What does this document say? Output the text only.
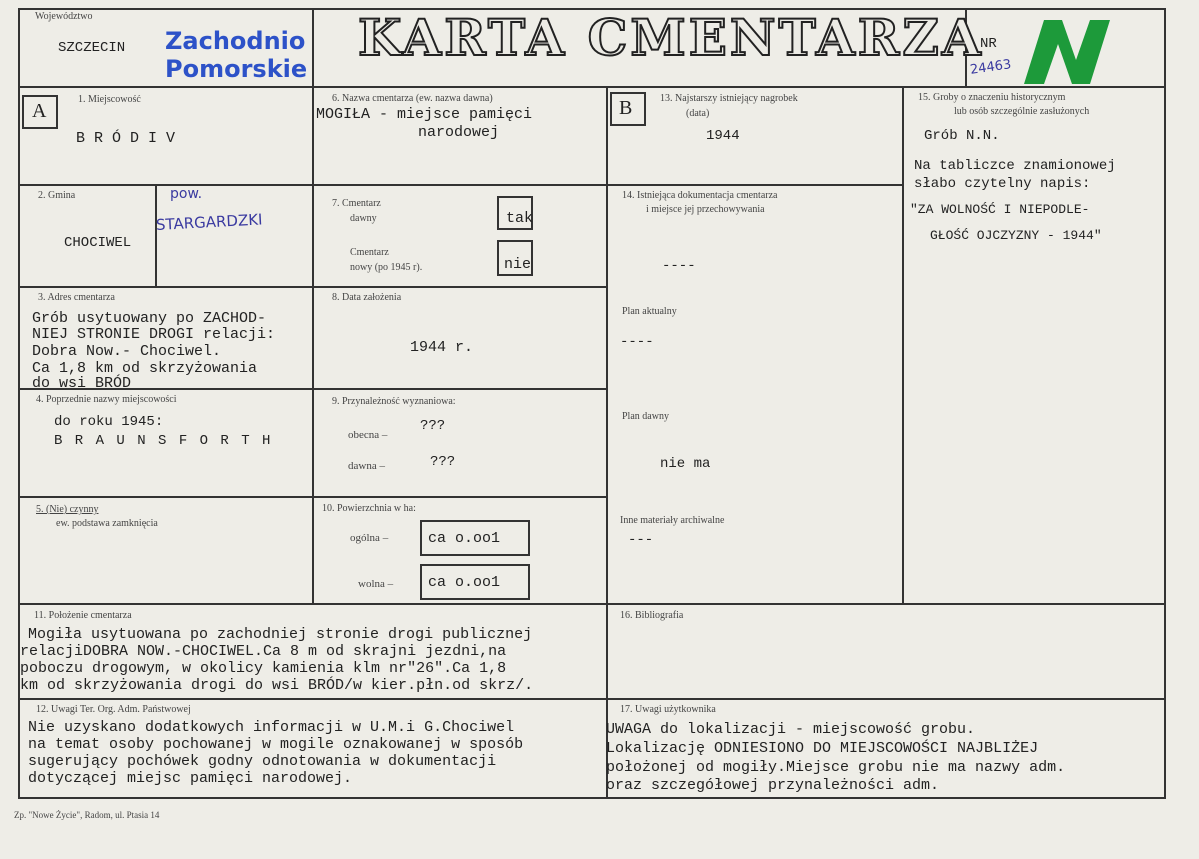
Województwo
SZCZECIN Zachodnio
Pomorskie
KARTA CMENTARZA
NR
24463
A
1. Miejscowość
B R Ó D I V
2. Gmina	pow.
STARGARDZKI
CHOCIWEL
3. Adres cmentarza
Grób usytuowany po ZACHOD-
NIEJ STRONIE DROGI relacji:
Dobra Now.- Chociwel.
Ca 1,8 km od skrzyżowania
do wsi BRÓD
4. Poprzednie nazwy miejscowości
do roku 1945:
B R A U N S F O R T H
5. (Nie) czynny
ew. podstawa zamknięcia
6. Nazwa cmentarza (ew. nazwa dawna)
MOGIŁA - miejsce pamięci
narodowej
7. Cmentarz
dawny	tak
Cmentarz
nowy (po 1945 r).	nie
8. Data założenia
1944 r.
9. Przynależność wyznaniowa:
obecna –
???
dawna –	???
10. Powierzchnia w ha:
ogólna –	ca o.oo1
wolna – ca o.oo1
B	13. Najstarszy istniejący nagrobek
(data)
1944
14. Istniejąca dokumentacja cmentarza
i miejsce jej przechowywania
----
Plan aktualny
----
Plan dawny
nie ma
Inne materiały archiwalne
---
15. Groby o znaczeniu historycznym
lub osób szczególnie zasłużonych
Grób N.N.
Na tabliczce znamionowej
słabo czytelny napis:
"ZA WOLNOŚĆ I NIEPODLE-
GŁOŚĆ OJCZYZNY - 1944"
11. Położenie cmentarza
Mogiła usytuowana po zachodniej stronie drogi publicznej
relacjiDOBRA NOW.-CHOCIWEL.Ca 8 m od skrajni jezdni,na
poboczu drogowym, w okolicy kamienia klm nr"26".Ca 1,8
km od skrzyżowania drogi do wsi BRÓD/w kier.płn.od skrz/.
16. Bibliografia
12. Uwagi Ter. Org. Adm. Państwowej
Nie uzyskano dodatkowych informacji w U.M.i G.Chociwel
na temat osoby pochowanej w mogile oznakowanej w sposób
sugerujący pochówek godny odnotowania w dokumentacji
dotyczącej miejsc pamięci narodowej.
17. Uwagi użytkownika
UWAGA do lokalizacji - miejscowość grobu.
Lokalizację ODNIESIONO DO MIEJSCOWOŚCI NAJBLIŻEJ
położonej od mogiły.Miejsce grobu nie ma nazwy adm.
oraz szczegółowej przynależności adm.
Zp. "Nowe Życie", Radom, ul. Ptasia 14
